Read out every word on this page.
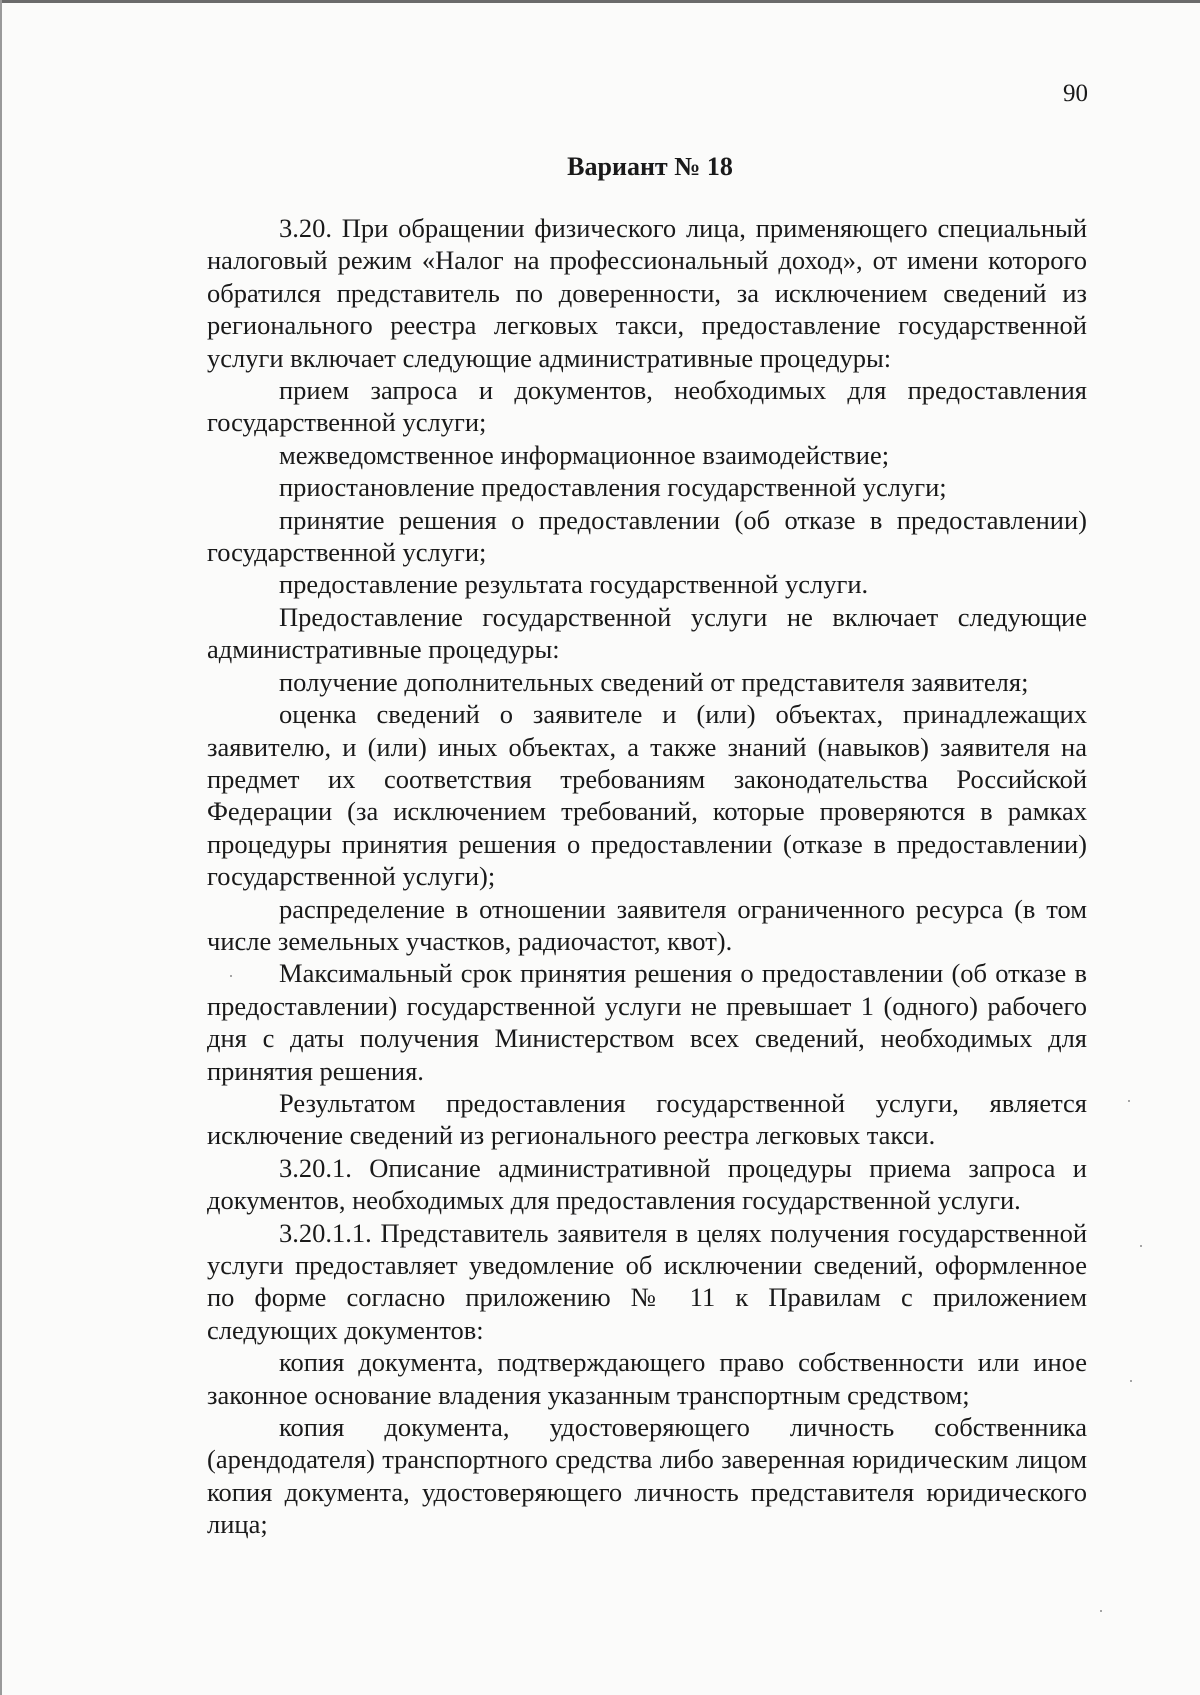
90
Вариант № 18

3.20. При обращении физического лица, применяющего специальный налоговый режим «Налог на профессиональный доход», от имени которого обратился представитель по доверенности, за исключением сведений из регионального реестра легковых такси, предоставление государственной услуги включает следующие административные процедуры:

прием запроса и документов, необходимых для предоставления государственной услуги;

межведомственное информационное взаимодействие;

приостановление предоставления государственной услуги;

принятие решения о предоставлении (об отказе в предоставлении) государственной услуги;

предоставление результата государственной услуги.

Предоставление государственной услуги не включает следующие административные процедуры:

получение дополнительных сведений от представителя заявителя;

оценка сведений о заявителе и (или) объектах, принадлежащих заявителю, и (или) иных объектах, а также знаний (навыков) заявителя на предмет их соответствия требованиям законодательства Российской Федерации (за исключением требований, которые проверяются в рамках процедуры принятия решения о предоставлении (отказе в предоставлении) государственной услуги);

распределение в отношении заявителя ограниченного ресурса (в том числе земельных участков, радиочастот, квот).

Максимальный срок принятия решения о предоставлении (об отказе в предоставлении) государственной услуги не превышает 1 (одного) рабочего дня с даты получения Министерством всех сведений, необходимых для принятия решения.

Результатом предоставления государственной услуги, является исключение сведений из регионального реестра легковых такси.

3.20.1. Описание административной процедуры приема запроса и документов, необходимых для предоставления государственной услуги.

3.20.1.1. Представитель заявителя в целях получения государственной услуги предоставляет уведомление об исключении сведений, оформленное по форме согласно приложению № 11 к Правилам с приложением следующих документов:

копия документа, подтверждающего право собственности или иное законное основание владения указанным транспортным средством;

копия документа, удостоверяющего личность собственника (арендодателя) транспортного средства либо заверенная юридическим лицом копия документа, удостоверяющего личность представителя юридического лица;
